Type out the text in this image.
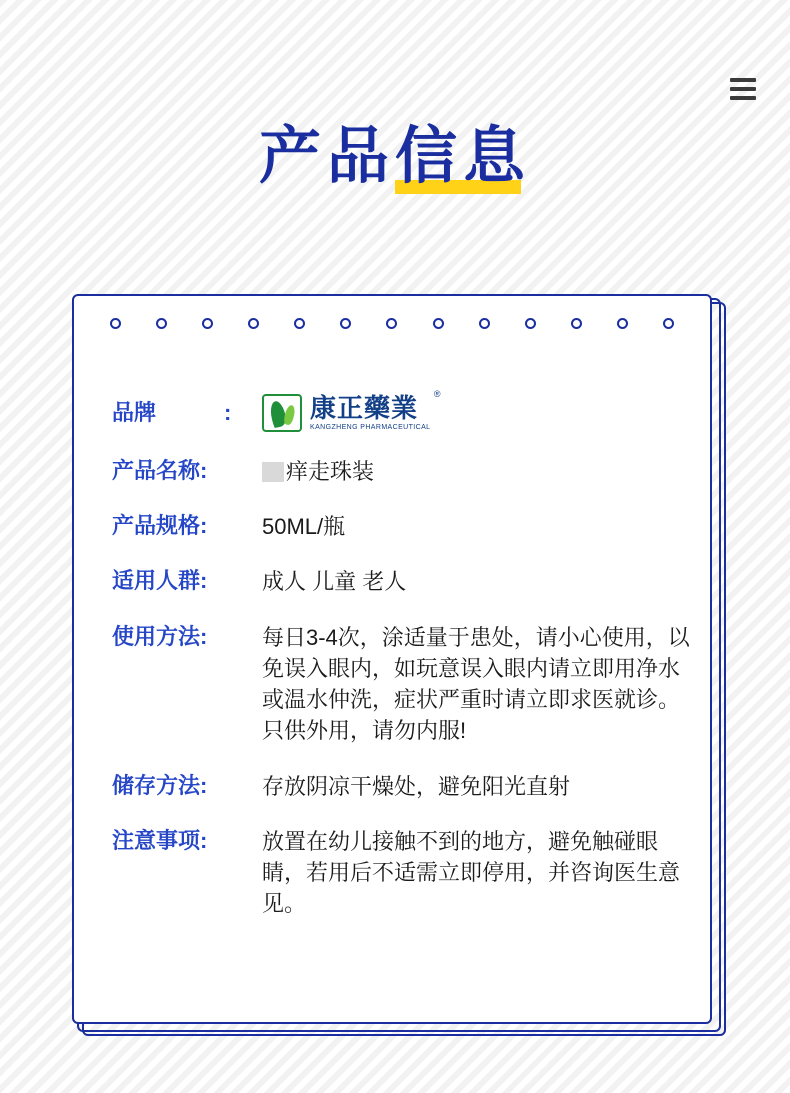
产品信息
品牌	:	康正藥業
KANGZHENG PHARMACEUTICAL
®
产品名称:	痒走珠装
产品规格:	50ML/瓶
适用人群:	成人 儿童 老人
使用方法:	每日3-4次，涂适量于患处，请小心使用，以免误入眼内，如玩意误入眼内请立即用净水或温水仲洗，症状严重时请立即求医就诊。只供外用，请勿内服!
储存方法:	存放阴凉干燥处，避免阳光直射
注意事项:	放置在幼儿接触不到的地方，避免触碰眼睛，若用后不适需立即停用，并咨询医生意见。
